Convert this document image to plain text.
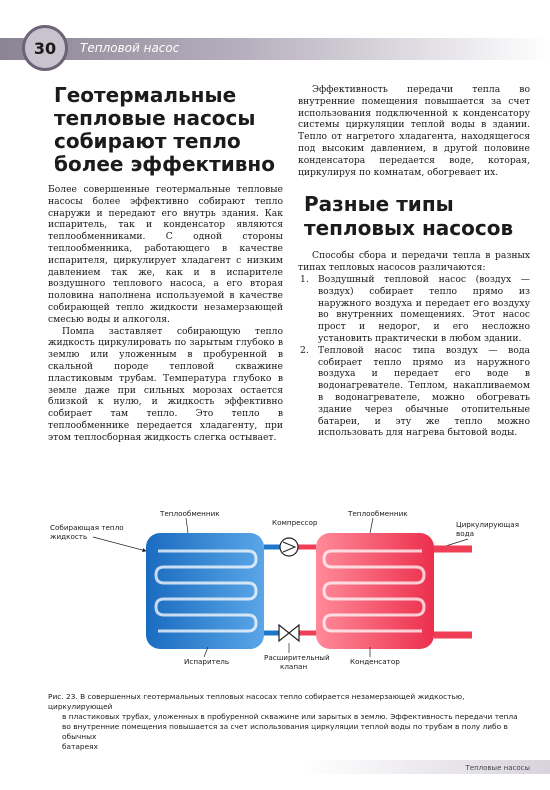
30 Тепловой насос
Геотермальные тепловые насосы собирают тепло более эффективно

Более совершенные геотермальные тепловые насосы более эффективно собирают тепло снаружи и передают его внутрь здания. Как испаритель, так и конденсатор являются теплообменниками. С одной стороны теплообменника, работающего в качестве испарителя, циркулирует хладагент с низким давлением так же, как и в испарителе воздушного теплового насоса, а его вторая половина наполнена используемой в качестве собирающей тепло жидкости незамерзающей смесью воды и алкоголя.

Помпа заставляет собирающую тепло жидкость циркулировать по зарытым глубоко в землю или уложенным в пробуренной в скальной породе тепловой скважине пластиковым трубам. Температура глубоко в земле даже при сильных морозах остается близкой к нулю, и жидкость эффективно собирает там тепло. Это тепло в теплообменнике передается хладагенту, при этом теплосборная жидкость слегка остывает.

Эффективность передачи тепла во внутренние помещения повышается за счет использования подключенной к конденсатору системы циркуляции теплой воды в здании. Тепло от нагретого хладагента, находящегося под высоким давлением, в другой половине конденсатора передается воде, которая, циркулируя по комнатам, обогревает их.

Разные типы тепловых насосов

Способы сбора и передачи тепла в разных типах тепловых насосов различаются:

1. Воздушный тепловой насос (воздух — воздух) собирает тепло прямо из наружного воздуха и передает его воздуху во внутренних помещениях. Этот насос прост и недорог, и его несложно установить практически в любом здании.
2. Тепловой насос типа воздух — вода собирает тепло прямо из наружного воздуха и передает его воде в водонагревателе. Теплом, накапливаемом в водонагревателе, можно обогревать здание через обычные отопительные батареи, и эту же тепло можно использовать для нагрева бытовой воды.
Теплообменник
Компрессор
Теплообменник
Собирающая тепло
жидкость
Циркулирующая
вода
Испаритель	Расширительный
клапан
Конденсатор
Рис. 23. В совершенных геотермальных тепловых насосах тепло собирается незамерзающей жидкостью, циркулирующей
в пластиковых трубах, уложенных в пробуренной скважине или зарытых в землю. Эффективность передачи тепла
во внутренние помещения повышается за счет использования циркуляции теплой воды по трубам в полу либо в обычных
батареях
Тепловые насосы
